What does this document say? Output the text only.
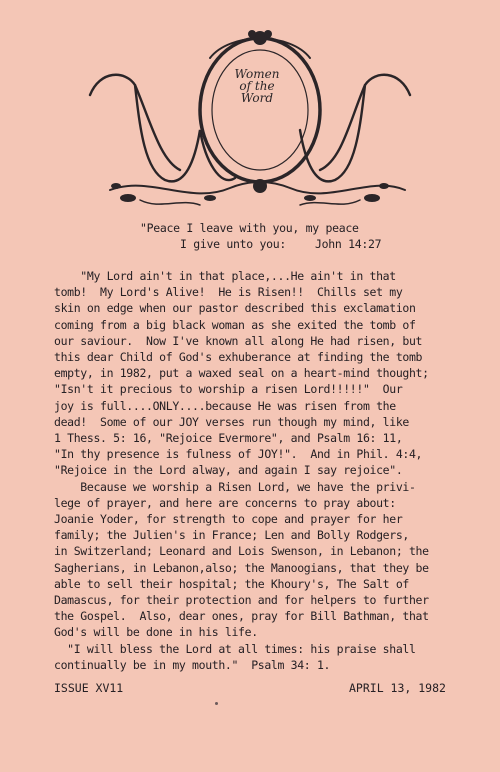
Women
of the
Word
"Peace I leave with you, my peace
I give unto you:	John 14:27

"My Lord ain't in that place,...He ain't in that

tomb!  My Lord's Alive!  He is Risen!!  Chills set my

skin on edge when our pastor described this exclamation

coming from a big black woman as she exited the tomb of

our saviour.  Now I've known all along He had risen, but

this dear Child of God's exhuberance at finding the tomb

empty, in 1982, put a waxed seal on a heart-mind thought;

"Isn't it precious to worship a risen Lord!!!!!"  Our

joy is full....ONLY....because He was risen from the

dead!  Some of our JOY verses run though my mind, like

1 Thess. 5: 16, "Rejoice Evermore", and Psalm 16: 11,

"In thy presence is fulness of JOY!".  And in Phil. 4:4,

"Rejoice in the Lord alway, and again I say rejoice".

Because we worship a Risen Lord, we have the privi-

lege of prayer, and here are concerns to pray about:

Joanie Yoder, for strength to cope and prayer for her

family; the Julien's in France; Len and Bolly Rodgers,

in Switzerland; Leonard and Lois Swenson, in Lebanon; the

Sagherians, in Lebanon,also; the Manoogians, that they be

able to sell their hospital; the Khoury's, The Salt of

Damascus, for their protection and for helpers to further

the Gospel.  Also, dear ones, pray for Bill Bathman, that

God's will be done in his life.

"I will bless the Lord at all times: his praise shall

continually be in my mouth."  Psalm 34: 1.

ISSUE XV11	APRIL 13, 1982
